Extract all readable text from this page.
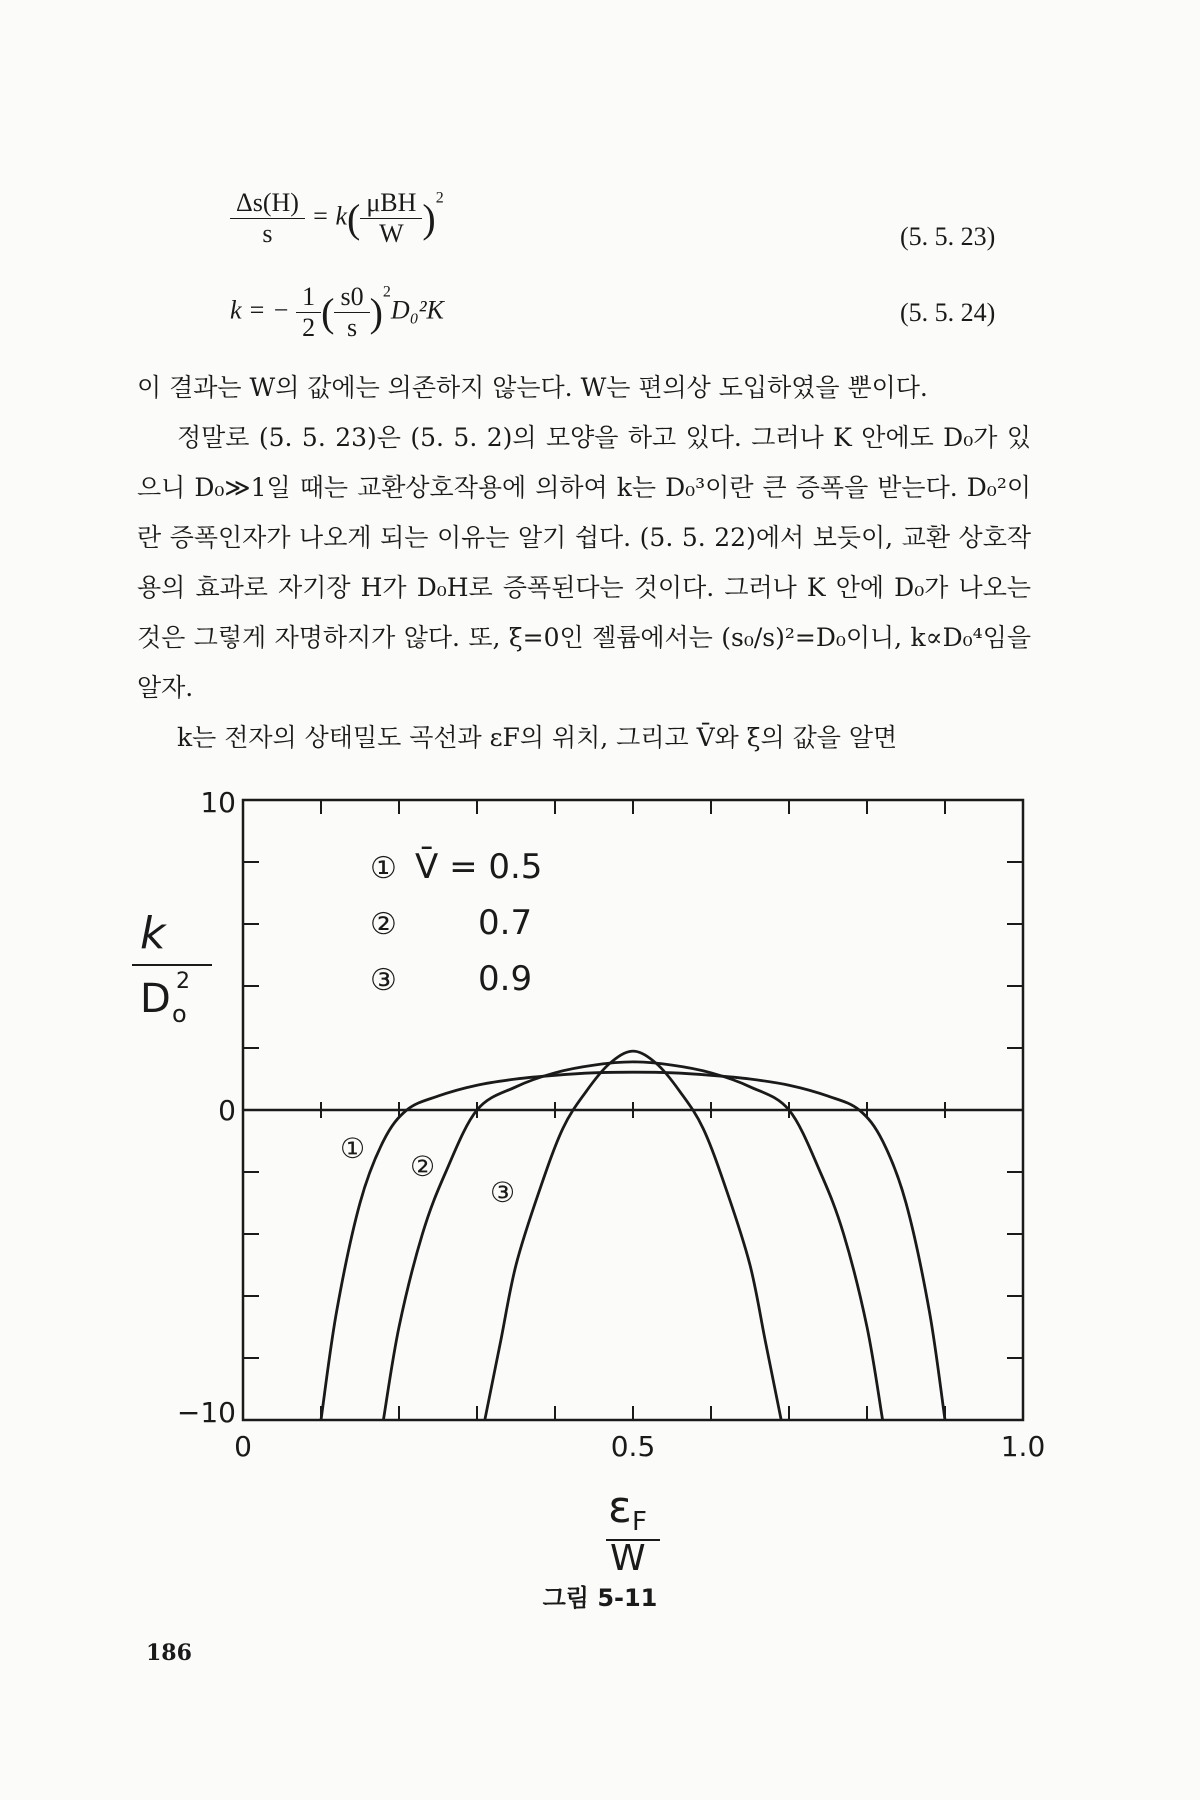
$\frac{\Delta s(H)}{s} = k( \frac{\text{μBH}}{W} )^2$
(5. 5. 23)
k = − $\frac{1}{2}$ ( $\frac{s0}{s} )^2D_0^2K$	(5. 5. 24)

이 결과는 W의 값에는 의존하지 않는다. W는 편의상 도입하였을 뿐이다.

정말로 (5. 5. 23)은 (5. 5. 2)의 모양을 하고 있다. 그러나 K 안에도 D₀가 있으니 D₀≫1일 때는 교환상호작용에 의하여 k는 D₀³이란 큰 증폭을 받는다. D₀²이란 증폭인자가 나오게 되는 이유는 알기 쉽다. (5. 5. 22)에서 보듯이, 교환 상호작용의 효과로 자기장 H가 D₀H로 증폭된다는 것이다. 그러나 K 안에 D₀가 나오는 것은 그렇게 자명하지가 않다. 또, ξ=0인 젤륨에서는 (s₀/s)²=D₀이니, k∝D₀⁴임을 알자.

k는 전자의 상태밀도 곡선과 εF의 위치, 그리고 V̄와 ξ의 값을 알면

k
D o
2
ε F
W
① V̄ = 0.5
② 0.7
③ 0.9
①
②
③
10
0
−10
0	0.5	1.0
그림 5-11
186
